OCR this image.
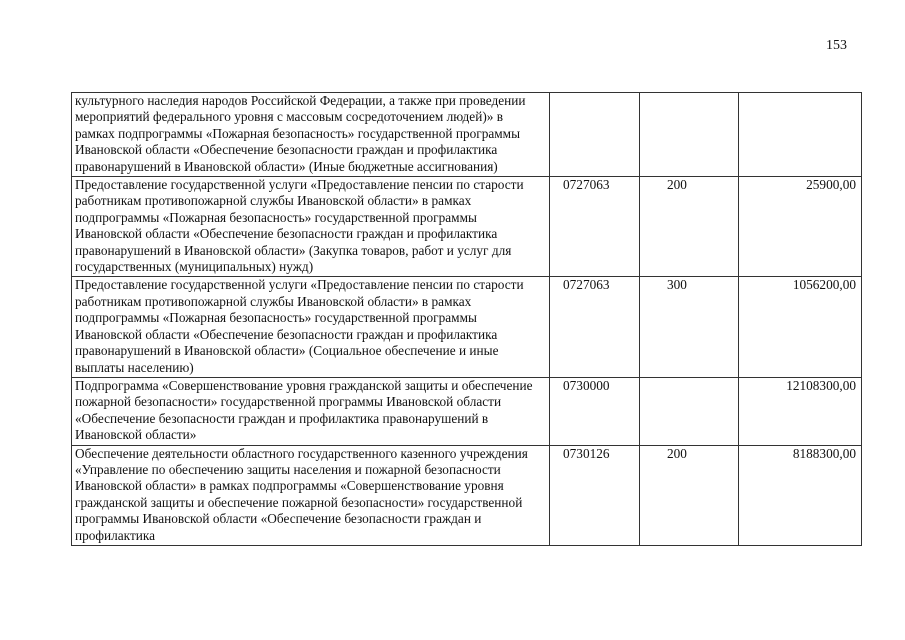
153
культурного наследия народов Российской Федерации, а также при проведении мероприятий федерального уровня с массовым сосредоточением людей)» в рамках подпрограммы «Пожарная безопасность» государственной программы Ивановской области «Обеспечение безопасности граждан и профилактика правонарушений в Ивановской области» (Иные бюджетные ассигнования)			
Предоставление государственной услуги «Предоставление пенсии по старости работникам противопожарной службы Ивановской области» в рамках подпрограммы «Пожарная безопасность» государственной программы Ивановской области «Обеспечение безопасности граждан и профилактика правонарушений в Ивановской области» (Закупка товаров, работ и услуг для государственных (муниципальных) нужд)	0727063	200	25900,00
Предоставление государственной услуги «Предоставление пенсии по старости работникам противопожарной службы Ивановской области» в рамках подпрограммы «Пожарная безопасность» государственной программы Ивановской области «Обеспечение безопасности граждан и профилактика правонарушений в Ивановской области» (Социальное обеспечение и иные выплаты населению)	0727063	300	1056200,00
Подпрограмма «Совершенствование уровня гражданской защиты и обеспечение пожарной безопасности» государственной программы Ивановской области «Обеспечение безопасности граждан и профилактика правонарушений в Ивановской области»	0730000		12108300,00
Обеспечение деятельности областного государственного казенного учреждения «Управление по обеспечению защиты населения и пожарной безопасности Ивановской области» в рамках подпрограммы «Совершенствование уровня гражданской защиты и обеспечение пожарной безопасности» государственной программы Ивановской области «Обеспечение безопасности граждан и профилактика	0730126	200	8188300,00
